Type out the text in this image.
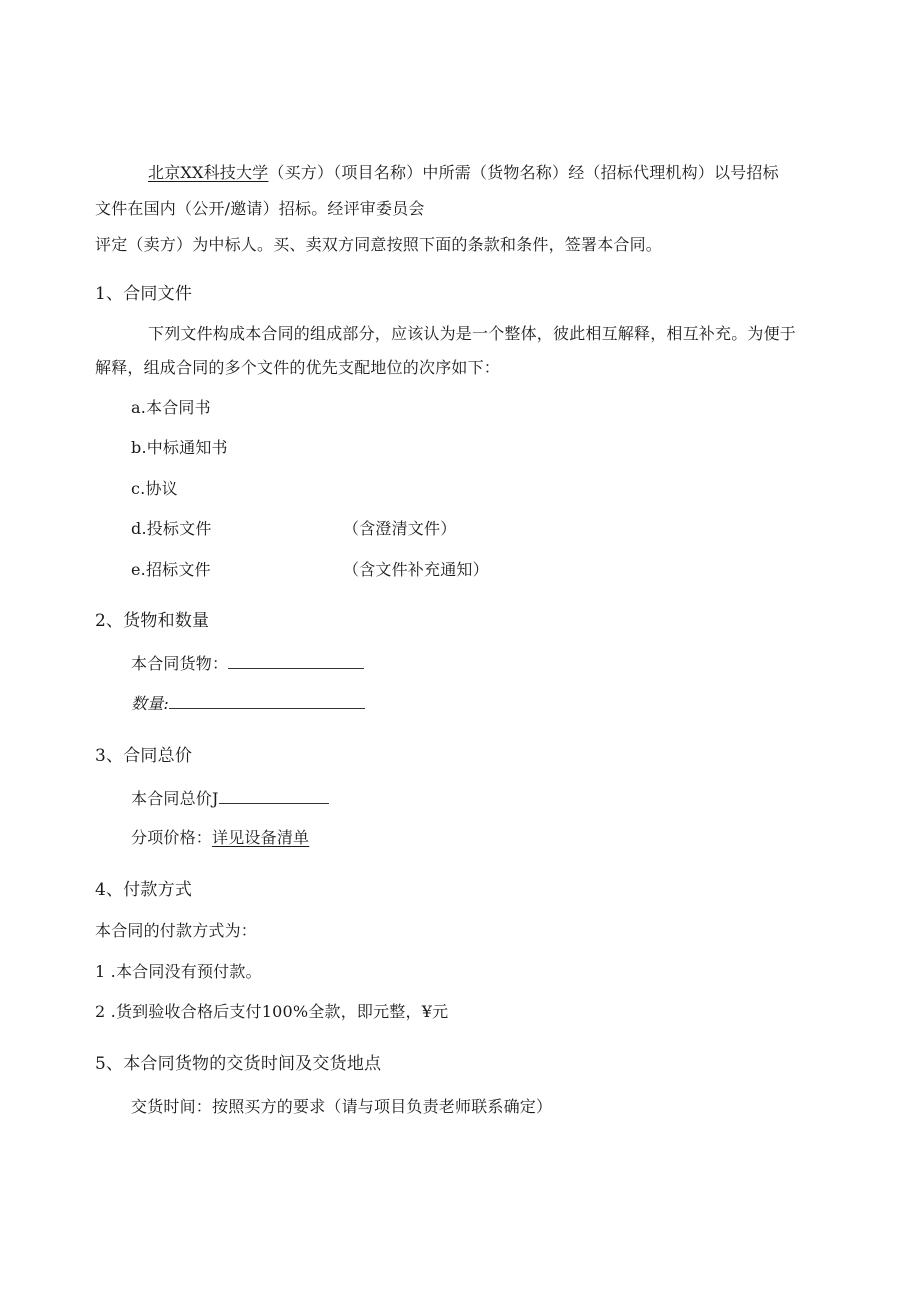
北京XX科技大学（买方）（项目名称）中所需（货物名称）经（招标代理机构）以号招标
文件在国内（公开/邀请）招标。经评审委员会
评定（卖方）为中标人。买、卖双方同意按照下面的条款和条件，签署本合同。
1、合同文件
下列文件构成本合同的组成部分，应该认为是一个整体，彼此相互解释，相互补充。为便于
解释，组成合同的多个文件的优先支配地位的次序如下：
a.本合同书
b.中标通知书
c.协议
d.投标文件	（含澄清文件）
e.招标文件	（含文件补充通知）
2、货物和数量
本合同货物：
数量:
3、合同总价
本合同总价J
分项价格：详见设备清单
4、付款方式
本合同的付款方式为：
1 .本合同没有预付款。
2 .货到验收合格后支付100%全款，即元整，¥元
5、本合同货物的交货时间及交货地点
交货时间：按照买方的要求（请与项目负责老师联系确定）
